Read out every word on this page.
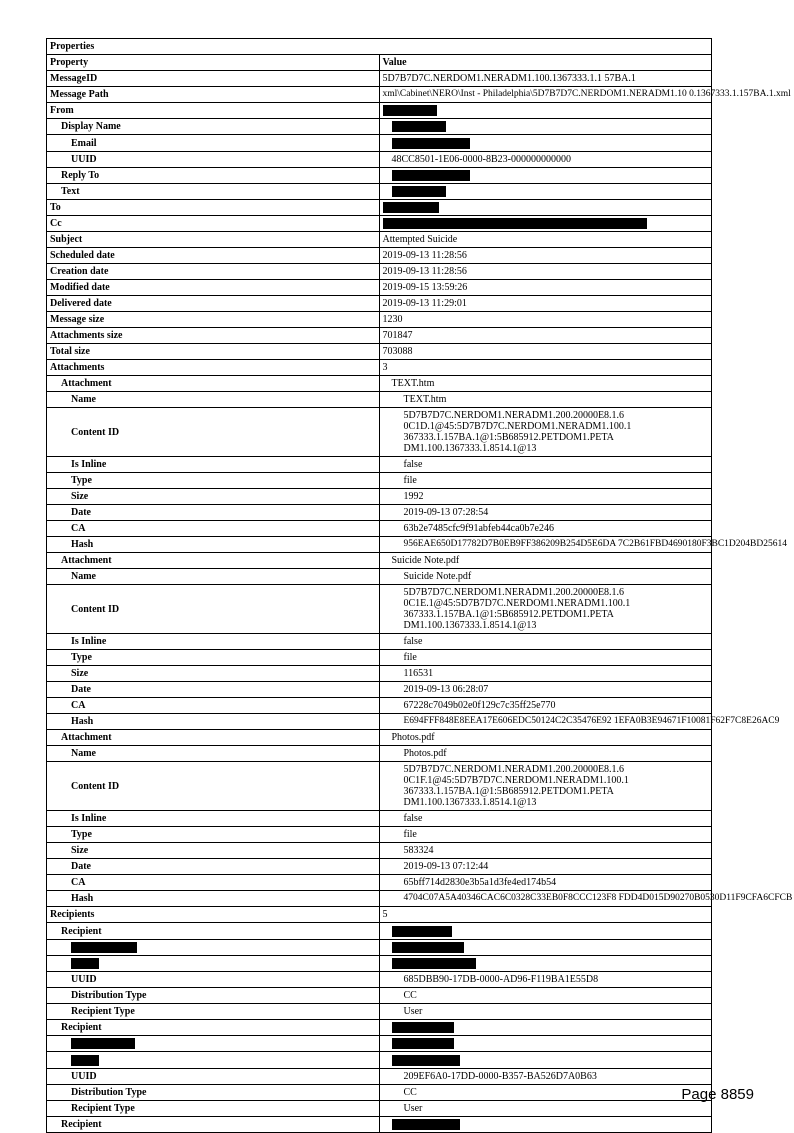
Properties	
Property	Value
MessageID	5D7B7D7C.NERDOM1.NERADM1.100.1367333.1.1 57BA.1
Message Path	xml\Cabinet\NERO\Inst - Philadelphia\5D7B7D7C.NERDOM1.NERADM1.10 0.1367333.1.157BA.1.xml
From	
Display Name	
Email	
UUID	48CC8501-1E06-0000-8B23-000000000000
Reply To	
Text	
To	
Cc	
Subject	Attempted Suicide
Scheduled date	2019-09-13 11:28:56
Creation date	2019-09-13 11:28:56
Modified date	2019-09-15 13:59:26
Delivered date	2019-09-13 11:29:01
Message size	1230
Attachments size	701847
Total size	703088
Attachments	3
Attachment	TEXT.htm
Name	TEXT.htm
Content ID	5D7B7D7C.NERDOM1.NERADM1.200.20000E8.1.6
0C1D.1@45:5D7B7D7C.NERDOM1.NERADM1.100.1
367333.1.157BA.1@1:5B685912.PETDOM1.PETA DM1.100.1367333.1.8514.1@13

Is Inline	false
Type	file
Size	1992
Date	2019-09-13 07:28:54
CA	63b2e7485cfc9f91abfeb44ca0b7e246
Hash	956EAE650D17782D7B0EB9FF386209B254D5E6DA 7C2B61FBD4690180F3BC1D204BD25614
Attachment	Suicide Note.pdf
Name	Suicide Note.pdf
Content ID	5D7B7D7C.NERDOM1.NERADM1.200.20000E8.1.6
0C1E.1@45:5D7B7D7C.NERDOM1.NERADM1.100.1
367333.1.157BA.1@1:5B685912.PETDOM1.PETA DM1.100.1367333.1.8514.1@13

Is Inline	false
Type	file
Size	116531
Date	2019-09-13 06:28:07
CA	67228c7049b02e0f129c7c35ff25e770
Hash	E694FFF848E8EEA17E606EDC50124C2C35476E92 1EFA0B3E94671F10081F62F7C8E26AC9
Attachment	Photos.pdf
Name	Photos.pdf
Content ID	5D7B7D7C.NERDOM1.NERADM1.200.20000E8.1.6
0C1F.1@45:5D7B7D7C.NERDOM1.NERADM1.100.1
367333.1.157BA.1@1:5B685912.PETDOM1.PETA DM1.100.1367333.1.8514.1@13

Is Inline	false
Type	file
Size	583324
Date	2019-09-13 07:12:44
CA	65bff714d2830e3b5a1d3fe4ed174b54
Hash	4704C07A5A40346CAC6C0328C33EB0F8CCC123F8 FDD4D015D90270B0530D11F9CFA6CFCB
Recipients	5
Recipient	

UUID	685DBB90-17DB-0000-AD96-F119BA1E55D8
Distribution Type	CC
Recipient Type	User
Recipient	

UUID	209EF6A0-17DD-0000-B357-BA526D7A0B63
Distribution Type	CC
Recipient Type	User
Recipient	
Page 8859
